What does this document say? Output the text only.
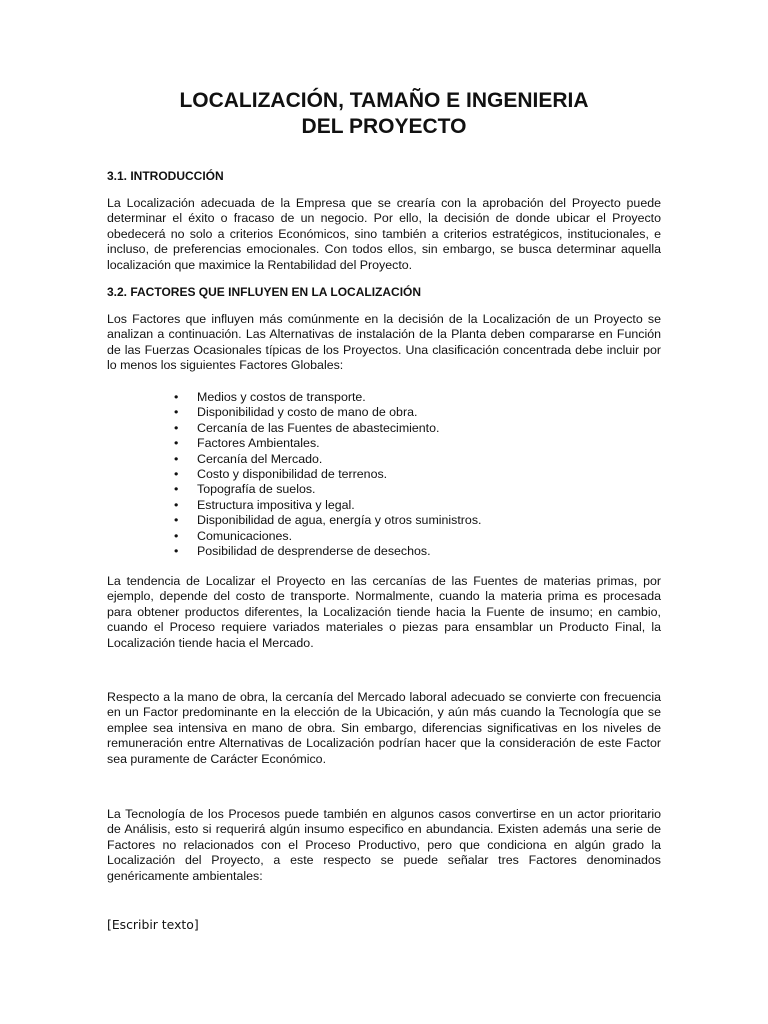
LOCALIZACIÓN, TAMAÑO E INGENIERIA
DEL PROYECTO
3.1. INTRODUCCIÓN

La Localización adecuada de la Empresa que se crearía con la aprobación del Proyecto puede determinar el éxito o fracaso de un negocio. Por ello, la decisión de donde ubicar el Proyecto obedecerá no solo a criterios Económicos, sino también a criterios estratégicos, institucionales, e incluso, de preferencias emocionales. Con todos ellos, sin embargo, se busca determinar aquella localización que maximice la Rentabilidad del Proyecto.

3.2. FACTORES QUE INFLUYEN EN LA LOCALIZACIÓN

Los Factores que influyen más comúnmente en la decisión de la Localización de un Proyecto se analizan a continuación. Las Alternativas de instalación de la Planta deben compararse en Función de las Fuerzas Ocasionales típicas de los Proyectos. Una clasificación concentrada debe incluir por lo menos los siguientes Factores Globales:

• Medios y costos de transporte.
• Disponibilidad y costo de mano de obra.
• Cercanía de las Fuentes de abastecimiento.
• Factores Ambientales.
• Cercanía del Mercado.
• Costo y disponibilidad de terrenos.
• Topografía de suelos.
• Estructura impositiva y legal.
• Disponibilidad de agua, energía y otros suministros.
• Comunicaciones.
• Posibilidad de desprenderse de desechos.

La tendencia de Localizar el Proyecto en las cercanías de las Fuentes de materias primas, por ejemplo, depende del costo de transporte. Normalmente, cuando la materia prima es procesada para obtener productos diferentes, la Localización tiende hacia la Fuente de insumo; en cambio, cuando el Proceso requiere variados materiales o piezas para ensamblar un Producto Final, la Localización tiende hacia el Mercado.

Respecto a la mano de obra, la cercanía del Mercado laboral adecuado se convierte con frecuencia en un Factor predominante en la elección de la Ubicación, y aún más cuando la Tecnología que se emplee sea intensiva en mano de obra. Sin embargo, diferencias significativas en los niveles de remuneración entre Alternativas de Localización podrían hacer que la consideración de este Factor sea puramente de Carácter Económico.

La Tecnología de los Procesos puede también en algunos casos convertirse en un actor prioritario de Análisis, esto si requerirá algún insumo especifico en abundancia. Existen además una serie de Factores no relacionados con el Proceso Productivo, pero que condiciona en algún grado la Localización del Proyecto, a este respecto se puede señalar tres Factores denominados genéricamente ambientales:

[Escribir texto]
